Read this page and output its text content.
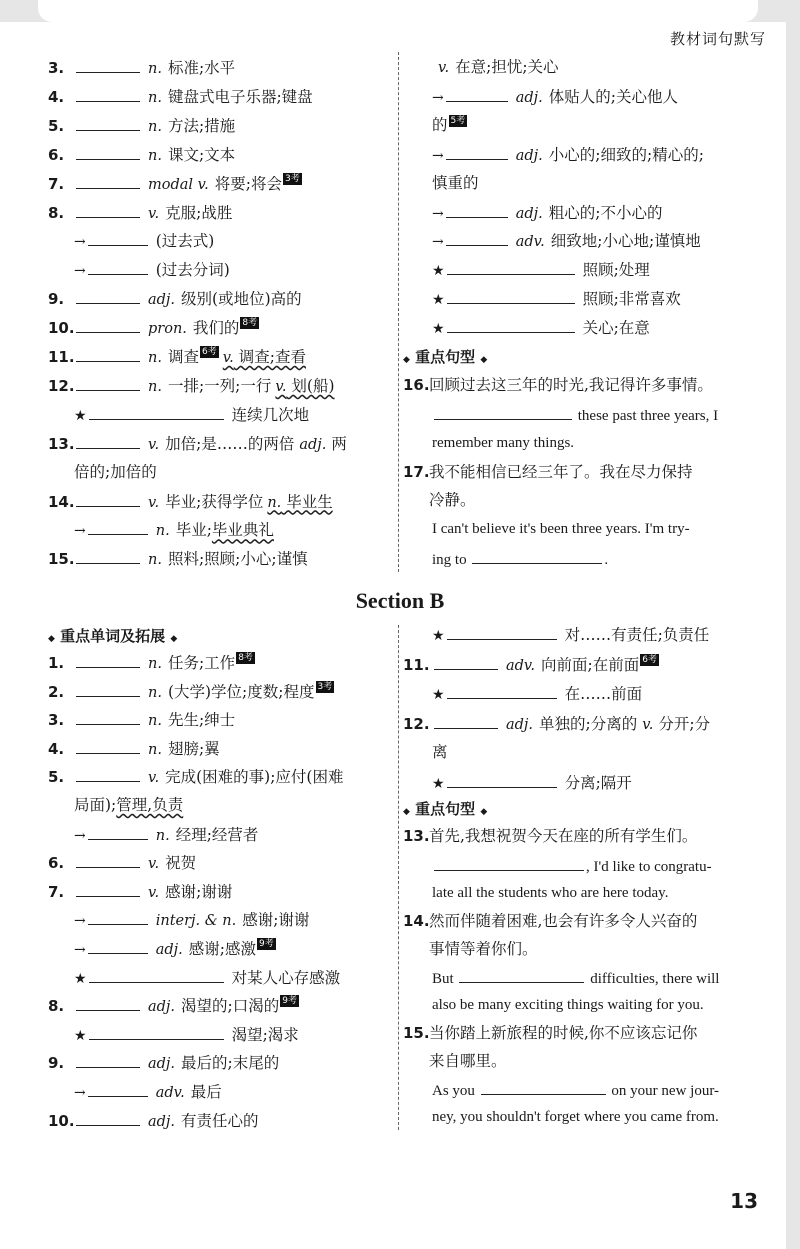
教材词句默写
Section B
13
3.	n. 标准;水平
4.	n. 键盘式电子乐器;键盘
5.	n. 方法;措施
6.	n. 课文;文本
7.	modal v. 将要;将会 3考
8.	v. 克服;战胜
→	(过去式)
→	(过去分词)
9.	adj. 级别(或地位)高的
10.	pron. 我们的 8考
11.	n. 调查 6考 v. 调查;查看
12.	n. 一排;一列;一行 v. 划(船)
★	连续几次地
13.	v. 加倍;是……的两倍 adj. 两
倍的;加倍的
14.	v. 毕业;获得学位 n. 毕业生
→	n. 毕业;毕业典礼
15.	n. 照料;照顾;小心;谨慎
v. 在意;担忧;关心
→	adj. 体贴人的;关心他人
的 5考
→	adj. 小心的;细致的;精心的;
慎重的
→	adj. 粗心的;不小心的
→	adv. 细致地;小心地;谨慎地
★	照顾;处理
★	照顾;非常喜欢
★	关心;在意
◆ 重点句型 ◆
16.回顾过去这三年的时光,我记得许多事情。
these past three years, I
remember many things.
17.我不能相信已经三年了。我在尽力保持
冷静。
I can't believe it's been three years. I'm try-
ing to	.
◆ 重点单词及拓展 ◆
1.	n. 任务;工作 8考
2.	n. (大学)学位;度数;程度 3考
3.	n. 先生;绅士
4.	n. 翅膀;翼
5.	v. 完成(困难的事);应付(困难
局面);管理,负责
→	n. 经理;经营者
6.	v. 祝贺
7.	v. 感谢;谢谢
→	interj. & n. 感谢;谢谢
→	adj. 感谢;感激 9考
★	对某人心存感激
8.	adj. 渴望的;口渴的 9考
★	渴望;渴求
9.	adj. 最后的;末尾的
→	adv. 最后
10.	adj. 有责任心的
★	对……有责任;负责任
11.	adv. 向前面;在前面 6考
★	在……前面
12.	adj. 单独的;分离的 v. 分开;分
离
★	分离;隔开
◆ 重点句型 ◆
13.首先,我想祝贺今天在座的所有学生们。
, I'd like to congratu-
late all the students who are here today.
14.然而伴随着困难,也会有许多令人兴奋的
事情等着你们。
But	difficulties, there will
also be many exciting things waiting for you.
15.当你踏上新旅程的时候,你不应该忘记你
来自哪里。
As you	on your new jour-
ney, you shouldn't forget where you came from.
